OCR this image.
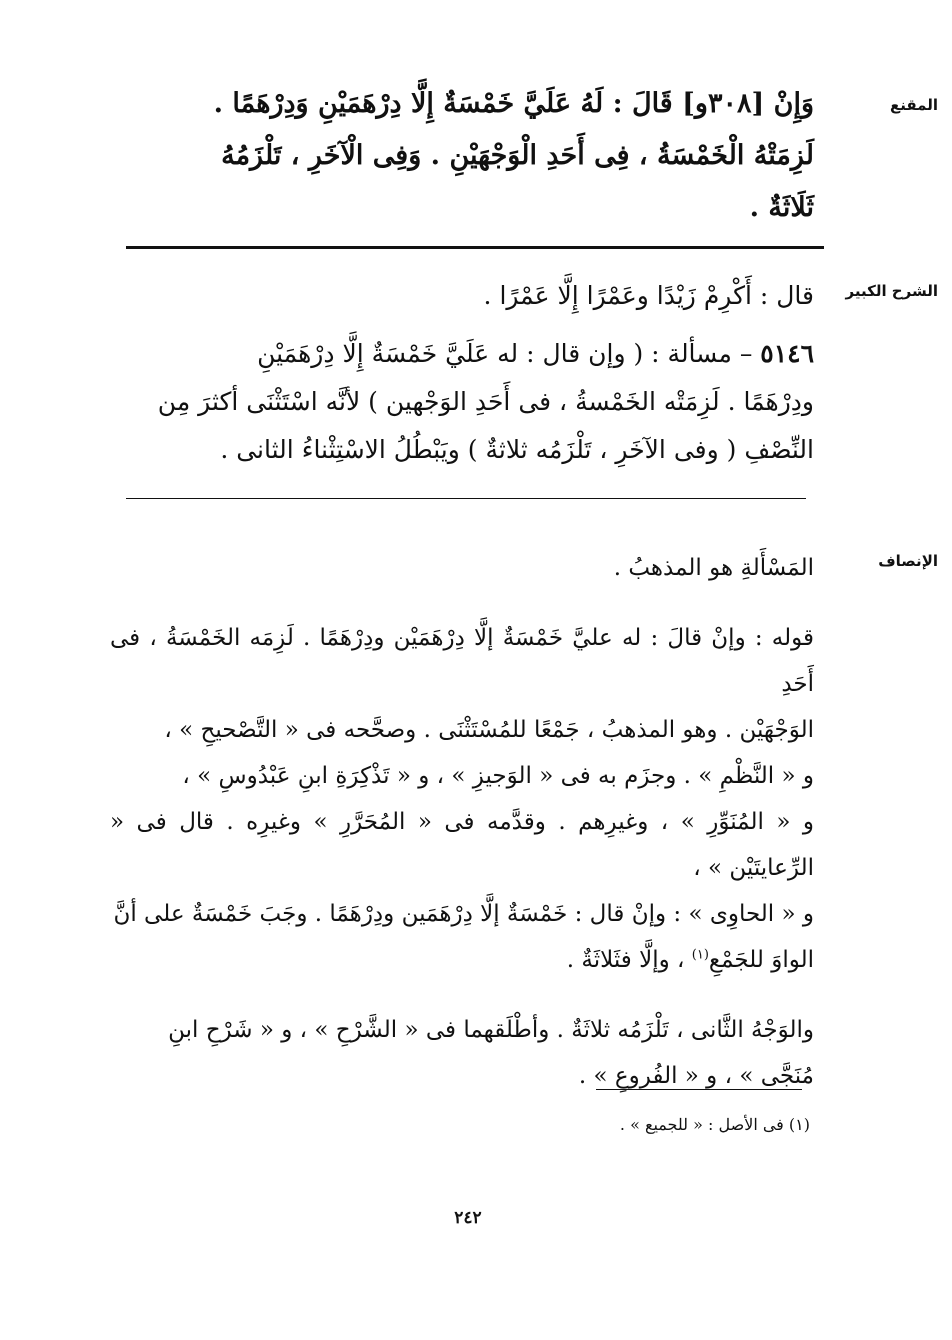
المقنع
وَإِنْ [٣٠٨و] قَالَ : لَهُ عَلَيَّ خَمْسَةٌ إِلَّا دِرْهَمَيْنِ وَدِرْهَمًا .
لَزِمَتْهُ الْخَمْسَةُ ، فِى أَحَدِ الْوَجْهَيْنِ . وَفِى الْآخَرِ ، تَلْزَمُهُ
ثَلَاثَةٌ .
الشرح الكبير

قال : أَكْرِمْ زَيْدًا وعَمْرًا إِلَّا عَمْرًا .

٥١٤٦ – مسألة : ( وإن قال : له عَلَيَّ خَمْسَةٌ إِلَّا دِرْهَمَيْنِ

ودِرْهَمًا . لَزِمَتْه الخَمْسةُ ، فى أَحَدِ الوَجْهين ) لأنَّه اسْتَثْنَى أكثرَ مِن

النِّصْفِ ( وفى الآخَرِ ، تَلْزَمُه ثلاثةٌ ) ويَبْطُلُ الاسْتِثْناءُ الثانى .

الإنصاف

المَسْأَلةِ هو المذهبُ .

قوله : وإنْ قالَ : له عليَّ خَمْسَةٌ إلَّا دِرْهَمَيْن ودِرْهَمًا . لَزِمَه الخَمْسَةُ ، فى أَحَدِ

الوَجْهَيْن . وهو المذهبُ ، جَمْعًا للمُسْتَثْنَى . وصحَّحه فى « التَّصْحيحِ » ،

و « النَّظْمِ » . وجزَم به فى « الوَجيزِ » ، و « تَذْكِرَةِ ابنِ عَبْدُوسِ » ،

و « المُنَوِّرِ » ، وغيرِهم . وقدَّمه فى « المُحَرَّرِ » وغيرِه . قال فى « الرِّعايتَيْن » ،

و « الحاوِى » : وإنْ قال : خَمْسَةٌ إلَّا دِرْهَمَين ودِرْهَمًا . وجَبَ خَمْسَةٌ على أنَّ

الواوَ للجَمْعِ$^{(١)}$ ، وإلَّا فثَلاثَةٌ .

والوَجْهُ الثَّانى ، تَلْزَمُه ثلاثَةٌ . وأطْلَقهما فى « الشَّرْحِ » ، و « شَرْحِ ابنِ

مُنَجَّى » ، و « الفُروعِ » .

(١) فى الأصل : « للجميع » .
٢٤٢
